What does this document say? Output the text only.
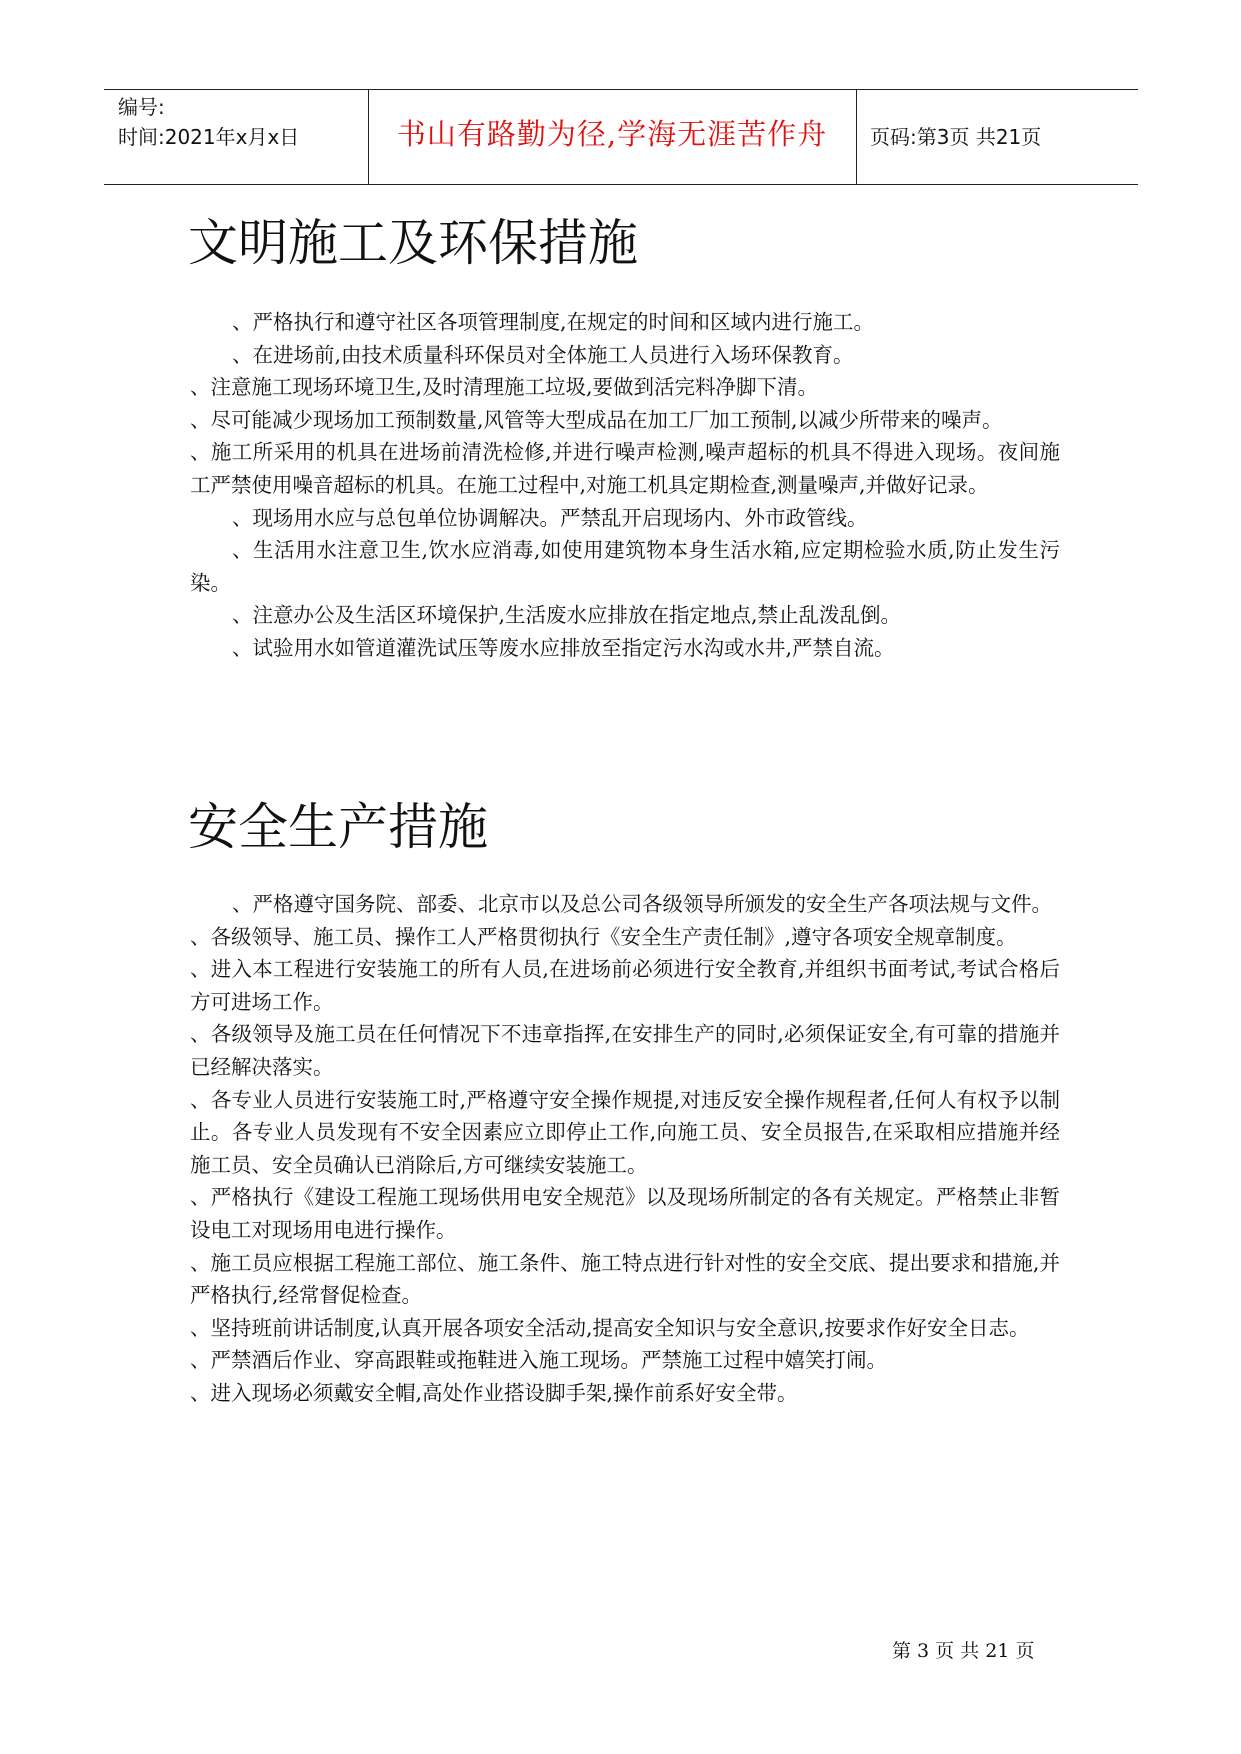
编号:
时间:2021年x月x日	书山有路勤为径,学海无涯苦作舟	页码:第3页 共21页
文明施工及环保措施

、严格执行和遵守社区各项管理制度,在规定的时间和区域内进行施工。

、在进场前,由技术质量科环保员对全体施工人员进行入场环保教育。

、注意施工现场环境卫生,及时清理施工垃圾,要做到活完料净脚下清。

、尽可能减少现场加工预制数量,风管等大型成品在加工厂加工预制,以减少所带来的噪声。

、施工所采用的机具在进场前清洗检修,并进行噪声检测,噪声超标的机具不得进入现场。夜间施工严禁使用噪音超标的机具。在施工过程中,对施工机具定期检查,测量噪声,并做好记录。

、现场用水应与总包单位协调解决。严禁乱开启现场内、外市政管线。

、生活用水注意卫生,饮水应消毒,如使用建筑物本身生活水箱,应定期检验水质,防止发生污染。

、注意办公及生活区环境保护,生活废水应排放在指定地点,禁止乱泼乱倒。

、试验用水如管道灌洗试压等废水应排放至指定污水沟或水井,严禁自流。

安全生产措施

、严格遵守国务院、部委、北京市以及总公司各级领导所颁发的安全生产各项法规与文件。

、各级领导、施工员、操作工人严格贯彻执行《安全生产责任制》,遵守各项安全规章制度。

、进入本工程进行安装施工的所有人员,在进场前必须进行安全教育,并组织书面考试,考试合格后方可进场工作。

、各级领导及施工员在任何情况下不违章指挥,在安排生产的同时,必须保证安全,有可靠的措施并已经解决落实。

、各专业人员进行安装施工时,严格遵守安全操作规提,对违反安全操作规程者,任何人有权予以制止。各专业人员发现有不安全因素应立即停止工作,向施工员、安全员报告,在采取相应措施并经施工员、安全员确认已消除后,方可继续安装施工。

、严格执行《建设工程施工现场供用电安全规范》以及现场所制定的各有关规定。严格禁止非暂设电工对现场用电进行操作。

、施工员应根据工程施工部位、施工条件、施工特点进行针对性的安全交底、提出要求和措施,并严格执行,经常督促检查。

、坚持班前讲话制度,认真开展各项安全活动,提高安全知识与安全意识,按要求作好安全日志。

、严禁酒后作业、穿高跟鞋或拖鞋进入施工现场。严禁施工过程中嬉笑打闹。

、进入现场必须戴安全帽,高处作业搭设脚手架,操作前系好安全带。

第 3 页 共 21 页
